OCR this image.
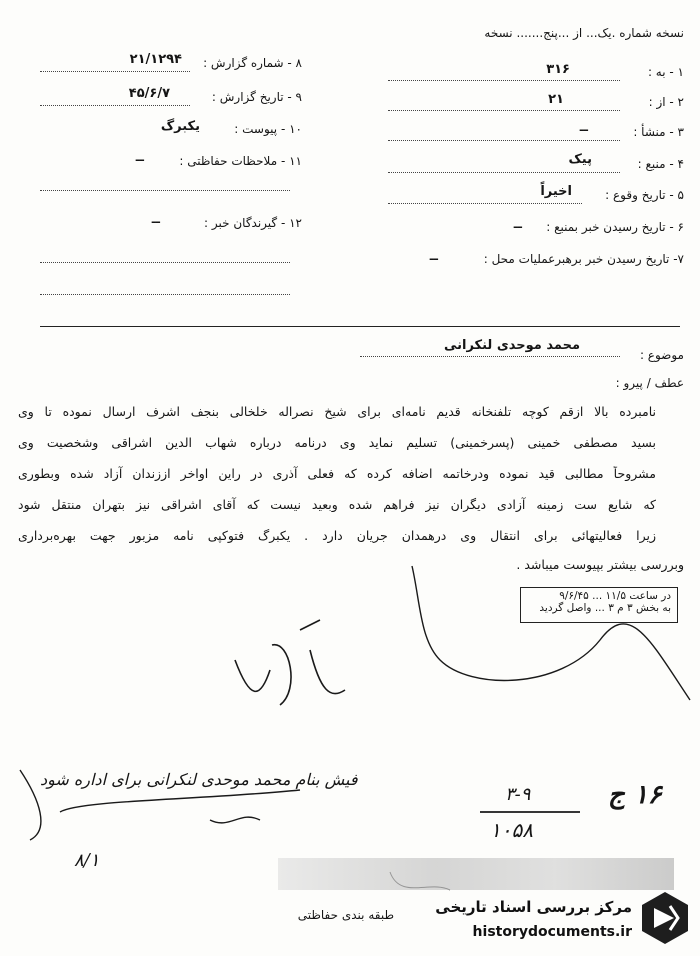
نسخه شماره .یک... از ...پنج....... نسخه
۱ - به :
۳۱۶
۲ - از :
۲۱
۳ - منشأ :
ــ
۴ - منبع :
پیک
۵ - تاریخ وقوع :
اخیراً
۶ - تاریخ رسیدن خبر بمنبع :
ــ
۷- تاریخ رسیدن خبر برهبرعملیات محل :
ــ
۸ - شماره گزارش :
۲۱/۱۲۹۴
۹ - تاریخ گزارش :
۴۵/۶/۷
۱۰ - پیوست :
یکبرگ
۱۱ - ملاحظات حفاظتی :
ــ
۱۲ - گیرندگان خبر :
ــ
موضوع :
محمد موحدی لنکرانی
عطف / پیرو :
نامبرده بالا ازقم کوچه تلفنخانه قدیم نامه‌ای برای شیخ نصراله خلخالی بنجف اشرف ارسال نموده تا وی
بسید مصطفی خمینی (پسرخمینی) تسلیم نماید وی درنامه درباره شهاب الدین اشراقی وشخصیت وی
مشروحاً مطالبی قید نموده ودرخاتمه اضافه کرده که فعلی آذری در راین اواخر اززندان آزاد شده وبطوری
که شایع ست زمینه آزادی دیگران نیز فراهم شده وبعید نیست که آقای اشراقی نیز بتهران منتقل شود
زیرا فعالیتهائی برای انتقال وی درهمدان جریان دارد . یکبرگ فتوکپی نامه مزبور جهت بهره‌برداری
وبررسی بیشتر بپیوست میباشد .
در ساعت ۱۱/۵ ... ۹/۶/۴۵
به بخش ۳ م ۳ ... واصل گردید
فیش بنام محمد موحدی لنکرانی برای اداره شود
۸/۱
۳-۹
۱۰۵۸
۱۶ ج
طبقه بندی حفاظتی	مرکز بررسی اسناد تاریخی
historydocuments.ir
